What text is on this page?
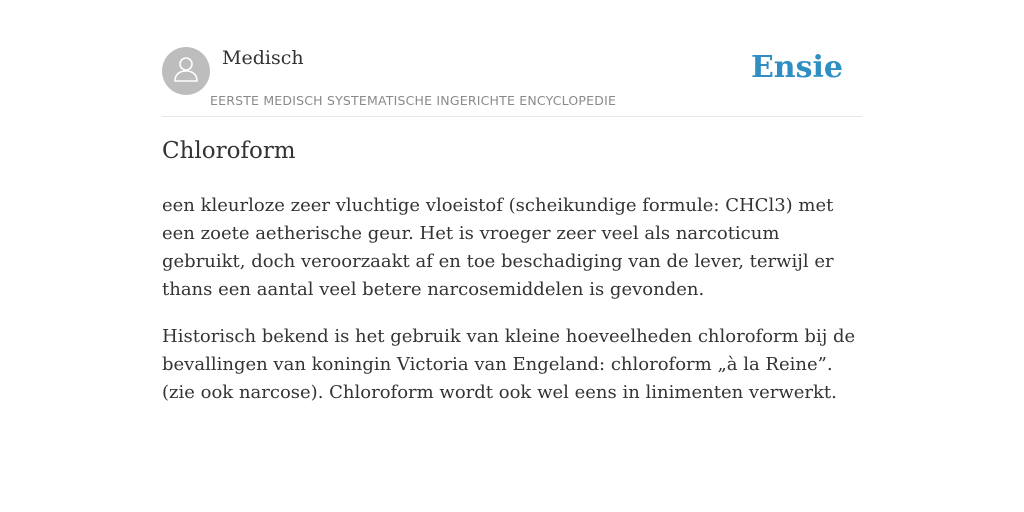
Medisch
EERSTE MEDISCH SYSTEMATISCHE INGERICHTE ENCYCLOPEDIE
Ensie
Chloroform

een kleurloze zeer vluchtige vloeistof (scheikundige formule: CHCl3) met een zoete aetherische geur. Het is vroeger zeer veel als narcoticum gebruikt, doch veroorzaakt af en toe beschadiging van de lever, terwijl er thans een aantal veel betere narcosemiddelen is gevonden.

Historisch bekend is het gebruik van kleine hoeveelheden chloroform bij de bevallingen van koningin Victoria van Engeland: chloroform „à la Reine”. (zie ook narcose). Chloroform wordt ook wel eens in linimenten verwerkt.
